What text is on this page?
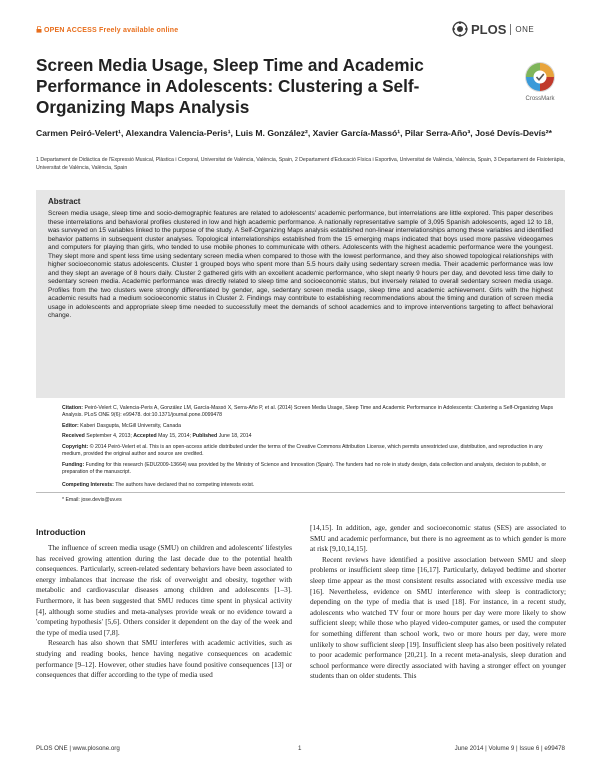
OPEN ACCESS Freely available online	PLOS ONE
Screen Media Usage, Sleep Time and Academic Performance in Adolescents: Clustering a Self-Organizing Maps Analysis	CrossMark
Carmen Peiró-Velert¹, Alexandra Valencia-Peris¹, Luis M. González², Xavier García-Massó¹, Pilar Serra-Año³, José Devís-Devís²*
1 Departament de Didàctica de l'Expressió Musical, Plàstica i Corporal, Universitat de València, València, Spain, 2 Departament d'Educació Física i Esportiva, Universitat de València, València, Spain, 3 Departament de Fisioteràpia, Universitat de València, València, Spain
Abstract
Screen media usage, sleep time and socio-demographic features are related to adolescents' academic performance, but interrelations are little explored. This paper describes these interrelations and behavioral profiles clustered in low and high academic performance. A nationally representative sample of 3,095 Spanish adolescents, aged 12 to 18, was surveyed on 15 variables linked to the purpose of the study. A Self-Organizing Maps analysis established non-linear interrelationships among these variables and identified behavior patterns in subsequent cluster analyses. Topological interrelationships established from the 15 emerging maps indicated that boys used more passive videogames and computers for playing than girls, who tended to use mobile phones to communicate with others. Adolescents with the highest academic performance were the youngest. They slept more and spent less time using sedentary screen media when compared to those with the lowest performance, and they also showed topological relationships with higher socioeconomic status adolescents. Cluster 1 grouped boys who spent more than 5.5 hours daily using sedentary screen media. Their academic performance was low and they slept an average of 8 hours daily. Cluster 2 gathered girls with an excellent academic performance, who slept nearly 9 hours per day, and devoted less time daily to sedentary screen media. Academic performance was directly related to sleep time and socioeconomic status, but inversely related to overall sedentary screen media usage. Profiles from the two clusters were strongly differentiated by gender, age, sedentary screen media usage, sleep time and academic achievement. Girls with the highest academic results had a medium socioeconomic status in Cluster 2. Findings may contribute to establishing recommendations about the timing and duration of screen media usage in adolescents and appropriate sleep time needed to successfully meet the demands of school academics and to improve interventions targeting to affect behavioral change.
Citation: Peiró-Velert C, Valencia-Peris A, González LM, García-Massó X, Serra-Año P, et al. (2014) Screen Media Usage, Sleep Time and Academic Performance in Adolescents: Clustering a Self-Organizing Maps Analysis. PLoS ONE 9(6): e99478. doi:10.1371/journal.pone.0099478
Editor: Kaberi Dasgupta, McGill University, Canada
Received September 4, 2013; Accepted May 15, 2014; Published June 18, 2014
Copyright: © 2014 Peiró-Velert et al. This is an open-access article distributed under the terms of the Creative Commons Attribution License, which permits unrestricted use, distribution, and reproduction in any medium, provided the original author and source are credited.
Funding: Funding for this research (EDU2009-13664) was provided by the Ministry of Science and Innovation (Spain). The funders had no role in study design, data collection and analysis, decision to publish, or preparation of the manuscript.
Competing Interests: The authors have declared that no competing interests exist.
* Email: jose.devis@uv.es
Introduction

The influence of screen media usage (SMU) on children and adolescents' lifestyles has received growing attention during the last decade due to the potential health consequences. Particularly, screen-related sedentary behaviors have been associated to energy imbalances that increase the risk of overweight and obesity, together with metabolic and cardiovascular diseases among children and adolescents [1–3]. Furthermore, it has been suggested that SMU reduces time spent in physical activity [4], although some studies and meta-analyses provide weak or no evidence toward a 'competing hypothesis' [5,6]. Others consider it dependent on the day of the week and the type of media used [7,8].

Research has also shown that SMU interferes with academic activities, such as studying and reading books, hence having negative consequences on academic performance [9–12]. However, other studies have found positive consequences [13] or consequences that differ according to the type of media used

[14,15]. In addition, age, gender and socioeconomic status (SES) are associated to SMU and academic performance, but there is no agreement as to which gender is more at risk [9,10,14,15].

Recent reviews have identified a positive association between SMU and sleep problems or insufficient sleep time [16,17]. Particularly, delayed bedtime and shorter sleep time appear as the most consistent results associated with excessive media use [16]. Nevertheless, evidence on SMU interference with sleep is contradictory; depending on the type of media that is used [18]. For instance, in a recent study, adolescents who watched TV four or more hours per day were more likely to show sufficient sleep; while those who played video-computer games, or used the computer for something different than school work, two or more hours per day, were more unlikely to show sufficient sleep [19]. Insufficient sleep has also been positively related to poor academic performance [20,21]. In a recent meta-analysis, sleep duration and school performance were directly associated with having a stronger effect on younger students than on older students. This

PLOS ONE | www.plosone.org	1	June 2014 | Volume 9 | Issue 6 | e99478
